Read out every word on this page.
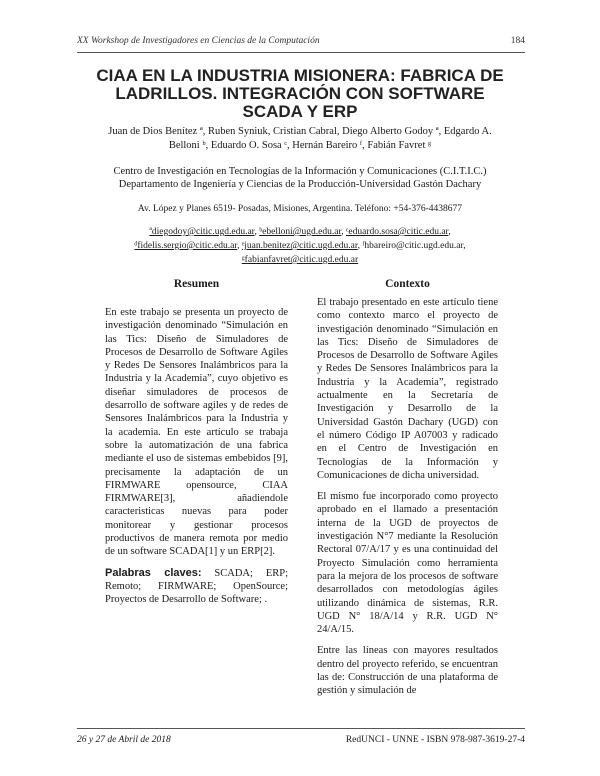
XX Workshop de Investigadores en Ciencias de la Computación	184
CIAA EN LA INDUSTRIA MISIONERA: FABRICA DE LADRILLOS. INTEGRACIÓN CON SOFTWARE SCADA Y ERP
Juan de Dios Benítez ª, Ruben Syniuk, Cristian Cabral, Diego Alberto Godoy ª, Edgardo A. Belloni ᵇ, Eduardo O. Sosa ᶜ, Hernán Bareiro ᶠ, Fabián Favret ᵍ
Centro de Investigación en Tecnologías de la Información y Comunicaciones (C.I.T.I.C.) Departamento de Ingeniería y Ciencias de la Producción-Universidad Gastón Dachary
Av. López y Planes 6519- Posadas, Misiones, Argentina. Teléfono: +54-376-4438677
ªdiegodoy@citic.ugd.edu.ar, ᵇebelloni@ugd.edu.ar, ᶜeduardo.sosa@citic.edu.ar,
ᵈfidelis.sergio@citic.edu.ar, ᵉjuan.benitez@citic.ugd.edu.ar, ᶠhbareiro@citic.ugd.edu.ar,
ᵍfabianfavret@citic.ugd.edu.ar
Resumen	Contexto

En este trabajo se presenta un proyecto de investigación denominado “Simulación en las Tics: Diseño de Simuladores de Procesos de Desarrollo de Software Agiles y Redes De Sensores Inalámbricos para la Industria y la Academia”, cuyo objetivo es diseñar simuladores de procesos de desarrollo de software agiles y de redes de Sensores Inalámbricos para la Industria y la academia. En este artículo se trabaja sobre la automatización de una fabrica mediante el uso de sistemas embebidos [9], precisamente la adaptación de un FIRMWARE opensource, CIAA FIRMWARE[3], añadiendole caracteristicas nuevas para poder monitorear y gestionar procesos productivos de manera remota por medio de un software SCADA[1] y un ERP[2].

Palabras claves: SCADA; ERP; Remoto; FIRMWARE; OpenSource; Proyectos de Desarrollo de Software; .

El trabajo presentado en este artículo tiene como contexto marco el proyecto de investigación denominado “Simulación en las Tics: Diseño de Simuladores de Procesos de Desarrollo de Software Agiles y Redes De Sensores Inalámbricos para la Industria y la Academia”, registrado actualmente en la Secretaría de Investigación y Desarrollo de la Universidad Gastón Dachary (UGD) con el número Código IP A07003 y radicado en el Centro de Investigación en Tecnologías de la Información y Comunicaciones de dicha universidad.

El mismo fue incorporado como proyecto aprobado en el llamado a presentación interna de la UGD de proyectos de investigación N°7 mediante la Resolución Rectoral 07/A/17 y es una continuidad del Proyecto Simulación como herramienta para la mejora de los procesos de software desarrollados con metodologías ágiles utilizando dinámica de sistemas, R.R. UGD N° 18/A/14 y R.R. UGD N° 24/A/15.

Entre las líneas con mayores resultados dentro del proyecto referido, se encuentran las de: Construcción de una plataforma de gestión y simulación de

26 y 27 de Abril de 2018	RedUNCI - UNNE - ISBN 978-987-3619-27-4
